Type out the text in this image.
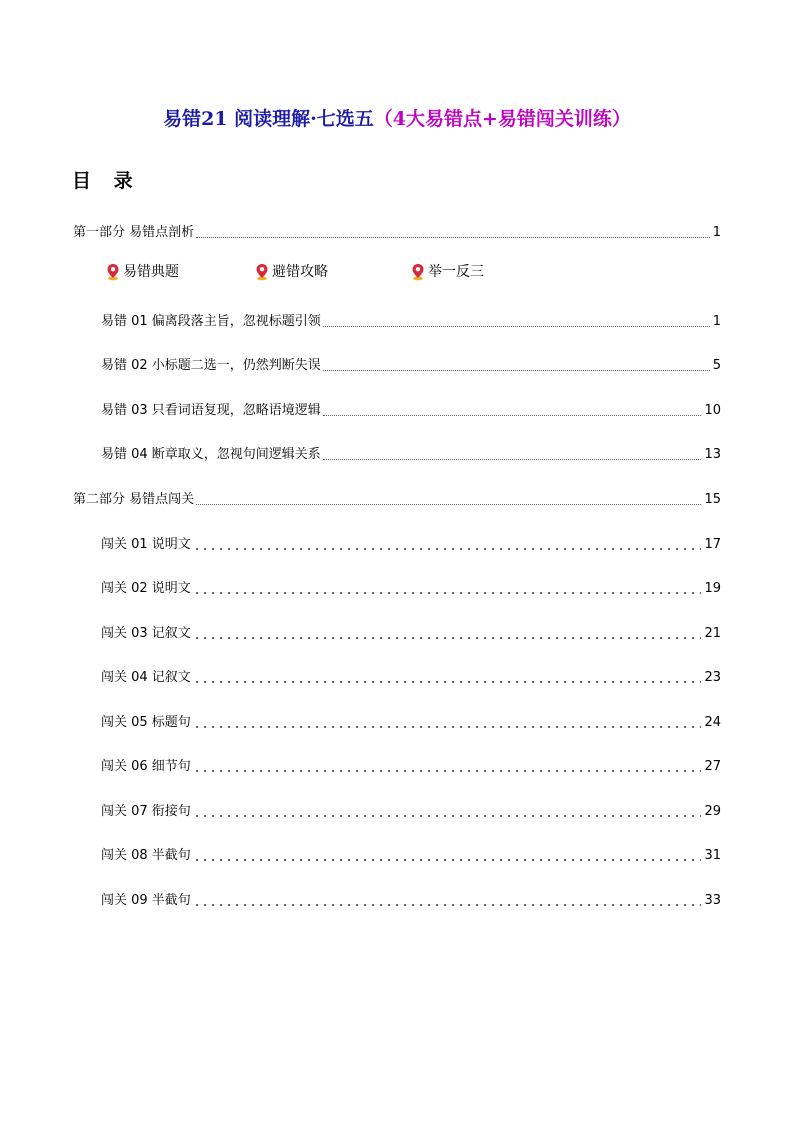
易错21 阅读理解·七选五（4大易错点+易错闯关训练）
目 录
第一部分 易错点剖析	1
易错典题	避错攻略	举一反三
易错 01 偏离段落主旨，忽视标题引领	1
易错 02 小标题二选一，仍然判断失误	5
易错 03 只看词语复现，忽略语境逻辑	10
易错 04 断章取义，忽视句间逻辑关系	13
第二部分 易错点闯关	15
闯关 01 说明文	17
闯关 02 说明文	19
闯关 03 记叙文	21
闯关 04 记叙文	23
闯关 05 标题句	24
闯关 06 细节句	27
闯关 07 衔接句	29
闯关 08 半截句	31
闯关 09 半截句	33
